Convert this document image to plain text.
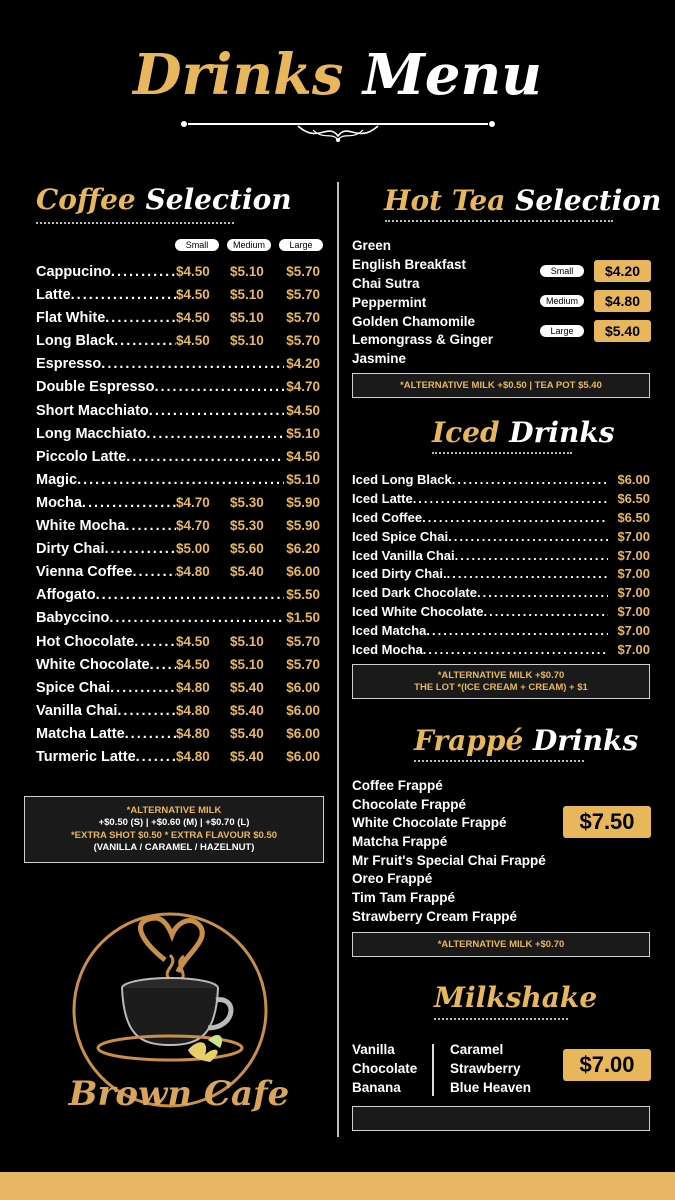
Drinks Menu
Coffee Selection
Small	Medium	Large
Cappucino .....	$4.50	$5.10	$5.70
Latte .....	$4.50	$5.10	$5.70
Flat White .....	$4.50	$5.10	$5.70
Long Black .....	$4.50	$5.10	$5.70
Espresso .....	$4.20
Double Espresso .....	$4.70
Short Macchiato .....	$4.50
Long Macchiato .....	$5.10
Piccolo Latte .....	$4.50
Magic .....	$5.10
Mocha .....	$4.70	$5.30	$5.90
White Mocha .....	$4.70	$5.30	$5.90
Dirty Chai .....	$5.00	$5.60	$6.20
Vienna Coffee .....	$4.80	$5.40	$6.00
Affogato .....	$5.50
Babyccino .....	$1.50
Hot Chocolate .....	$4.50	$5.10	$5.70
White Chocolate ..... $4.50	$5.10	$5.70
Spice Chai .....	$4.80	$5.40	$6.00
Vanilla Chai .....	$4.80	$5.40	$6.00
Matcha Latte .....	$4.80	$5.40	$6.00
Turmeric Latte .....	$4.80	$5.40	$6.00
*ALTERNATIVE MILK
+$0.50 (S) | +$0.60 (M) | +$0.70 (L)
*EXTRA SHOT $0.50 * EXTRA FLAVOUR $0.50
(VANILLA / CARAMEL / HAZELNUT)
Brown Cafe
Hot Tea Selection
Green
English Breakfast
Chai Sutra
Peppermint
Golden Chamomile
Lemongrass & Ginger
Jasmine
Small	$4.20
Medium	$4.80
Large	$5.40
*ALTERNATIVE MILK +$0.50 | TEA POT $5.40
Iced Drinks
Iced Long Black .....	$6.00
Iced Latte .....	$6.50
Iced Coffee .....	$6.50
Iced Spice Chai .....	$7.00
Iced Vanilla Chai .....	$7.00
Iced Dirty Chai. .....	$7.00
Iced Dark Chocolate .....	$7.00
Iced White Chocolate .....	$7.00
Iced Matcha .....	$7.00
Iced Mocha .....	$7.00
*ALTERNATIVE MILK +$0.70
THE LOT *(ICE CREAM + CREAM) + $1
Frappé Drinks
Coffee Frappé
Chocolate Frappé
White Chocolate Frappé
Matcha Frappé
Mr Fruit's Special Chai Frappé
Oreo Frappé
Tim Tam Frappé
Strawberry Cream Frappé
$7.50
*ALTERNATIVE MILK +$0.70
Milkshake
Vanilla
Chocolate
Banana
Caramel
Strawberry
Blue Heaven
$7.00
